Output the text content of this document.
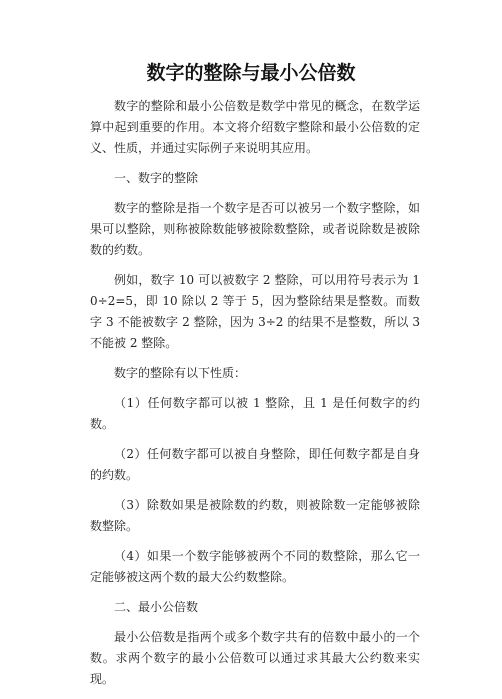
数字的整除与最小公倍数

数字的整除和最小公倍数是数学中常见的概念，在数学运算中起到重要的作用。本文将介绍数字整除和最小公倍数的定义、性质，并通过实际例子来说明其应用。

一、数字的整除

数字的整除是指一个数字是否可以被另一个数字整除，如果可以整除，则称被除数能够被除数整除，或者说除数是被除数的约数。

例如，数字 10 可以被数字 2 整除，可以用符号表示为 10÷2=5，即 10 除以 2 等于 5，因为整除结果是整数。而数字 3 不能被数字 2 整除，因为 3÷2 的结果不是整数，所以 3 不能被 2 整除。

数字的整除有以下性质：

（1）任何数字都可以被 1 整除，且 1 是任何数字的约数。

（2）任何数字都可以被自身整除，即任何数字都是自身的约数。

（3）除数如果是被除数的约数，则被除数一定能够被除数整除。

（4）如果一个数字能够被两个不同的数整除，那么它一定能够被这两个数的最大公约数整除。

二、最小公倍数

最小公倍数是指两个或多个数字共有的倍数中最小的一个数。求两个数字的最小公倍数可以通过求其最大公约数来实现。
